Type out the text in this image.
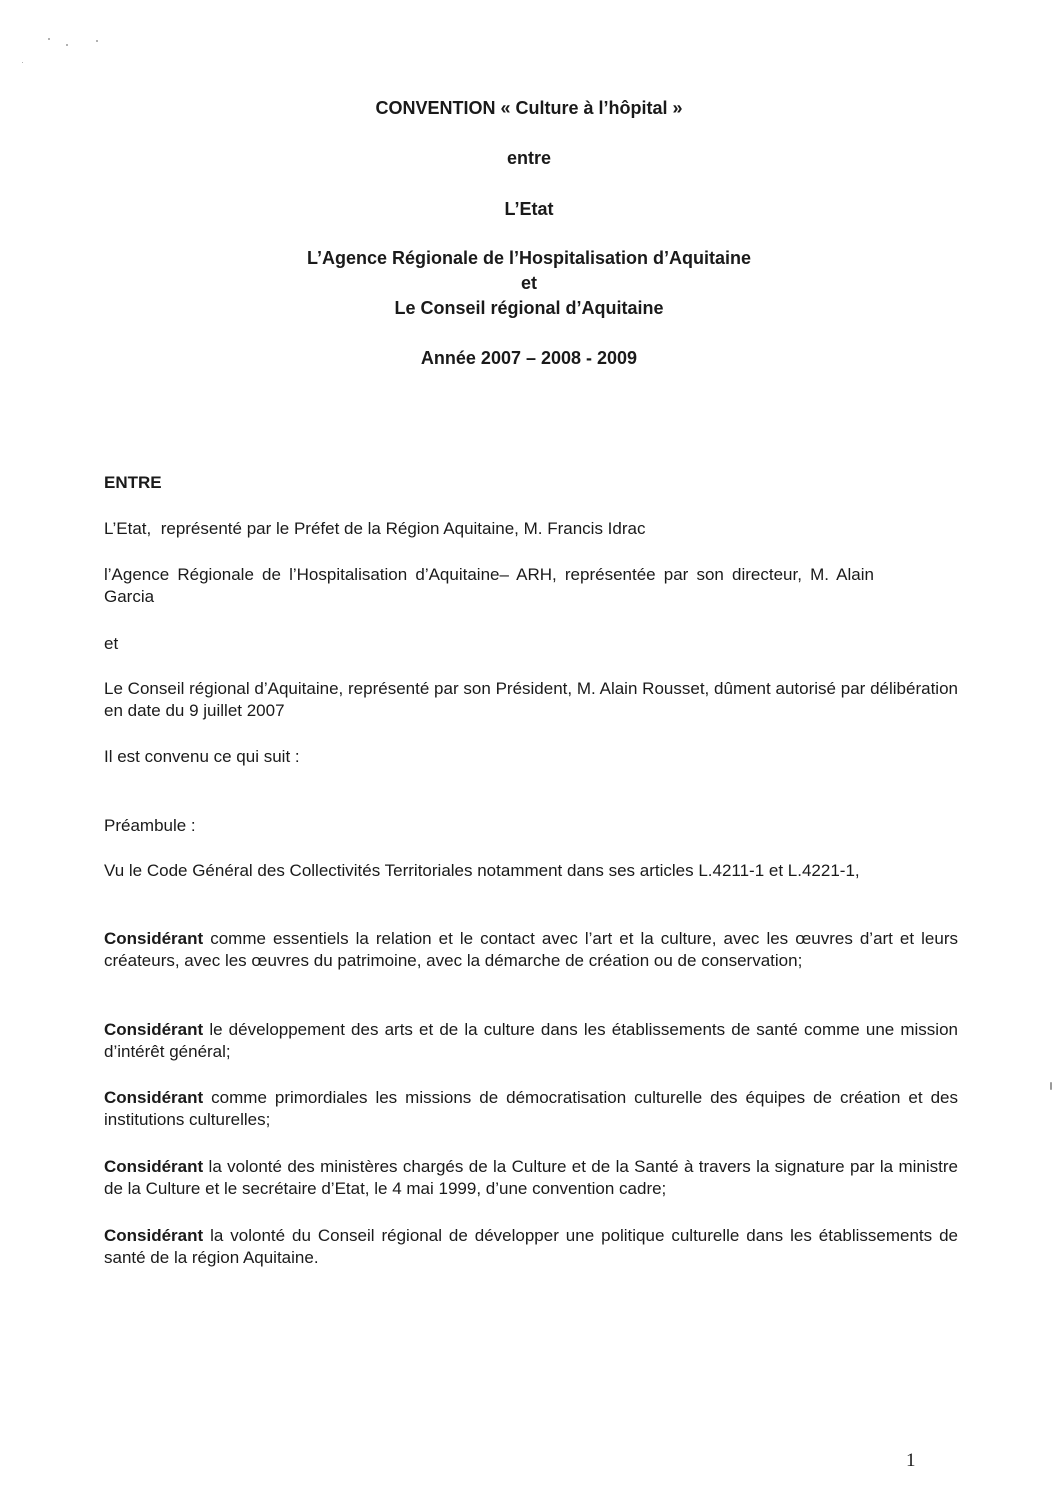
CONVENTION « Culture à l’hôpital »
entre
L’Etat
L’Agence Régionale de l’Hospitalisation d’Aquitaine
et
Le Conseil régional d’Aquitaine
Année 2007 – 2008 - 2009
ENTRE
L’Etat,  représenté par le Préfet de la Région Aquitaine, M. Francis Idrac
l’Agence Régionale de l’Hospitalisation d’Aquitaine– ARH, représentée par son directeur, M. Alain Garcia
et
Le Conseil régional d’Aquitaine, représenté par son Président, M. Alain Rousset, dûment autorisé par délibération en date du 9 juillet 2007
Il est convenu ce qui suit :
Préambule :
Vu le Code Général des Collectivités Territoriales notamment dans ses articles L.4211-1 et L.4221-1,
Considérant comme essentiels la relation et le contact avec l’art et la culture, avec les œuvres d’art et leurs créateurs, avec les œuvres du patrimoine, avec la démarche de création ou de conservation;
Considérant le développement des arts et de la culture dans les établissements de santé comme une mission d’intérêt général;
Considérant comme primordiales les missions de démocratisation culturelle des équipes de création et des institutions culturelles;
Considérant la volonté des ministères chargés de la Culture et de la Santé à travers la signature par la ministre de la Culture et le secrétaire d’Etat, le 4 mai 1999, d’une convention cadre;
Considérant la volonté du Conseil régional de développer une politique culturelle dans les établissements de santé de la région Aquitaine.
1
